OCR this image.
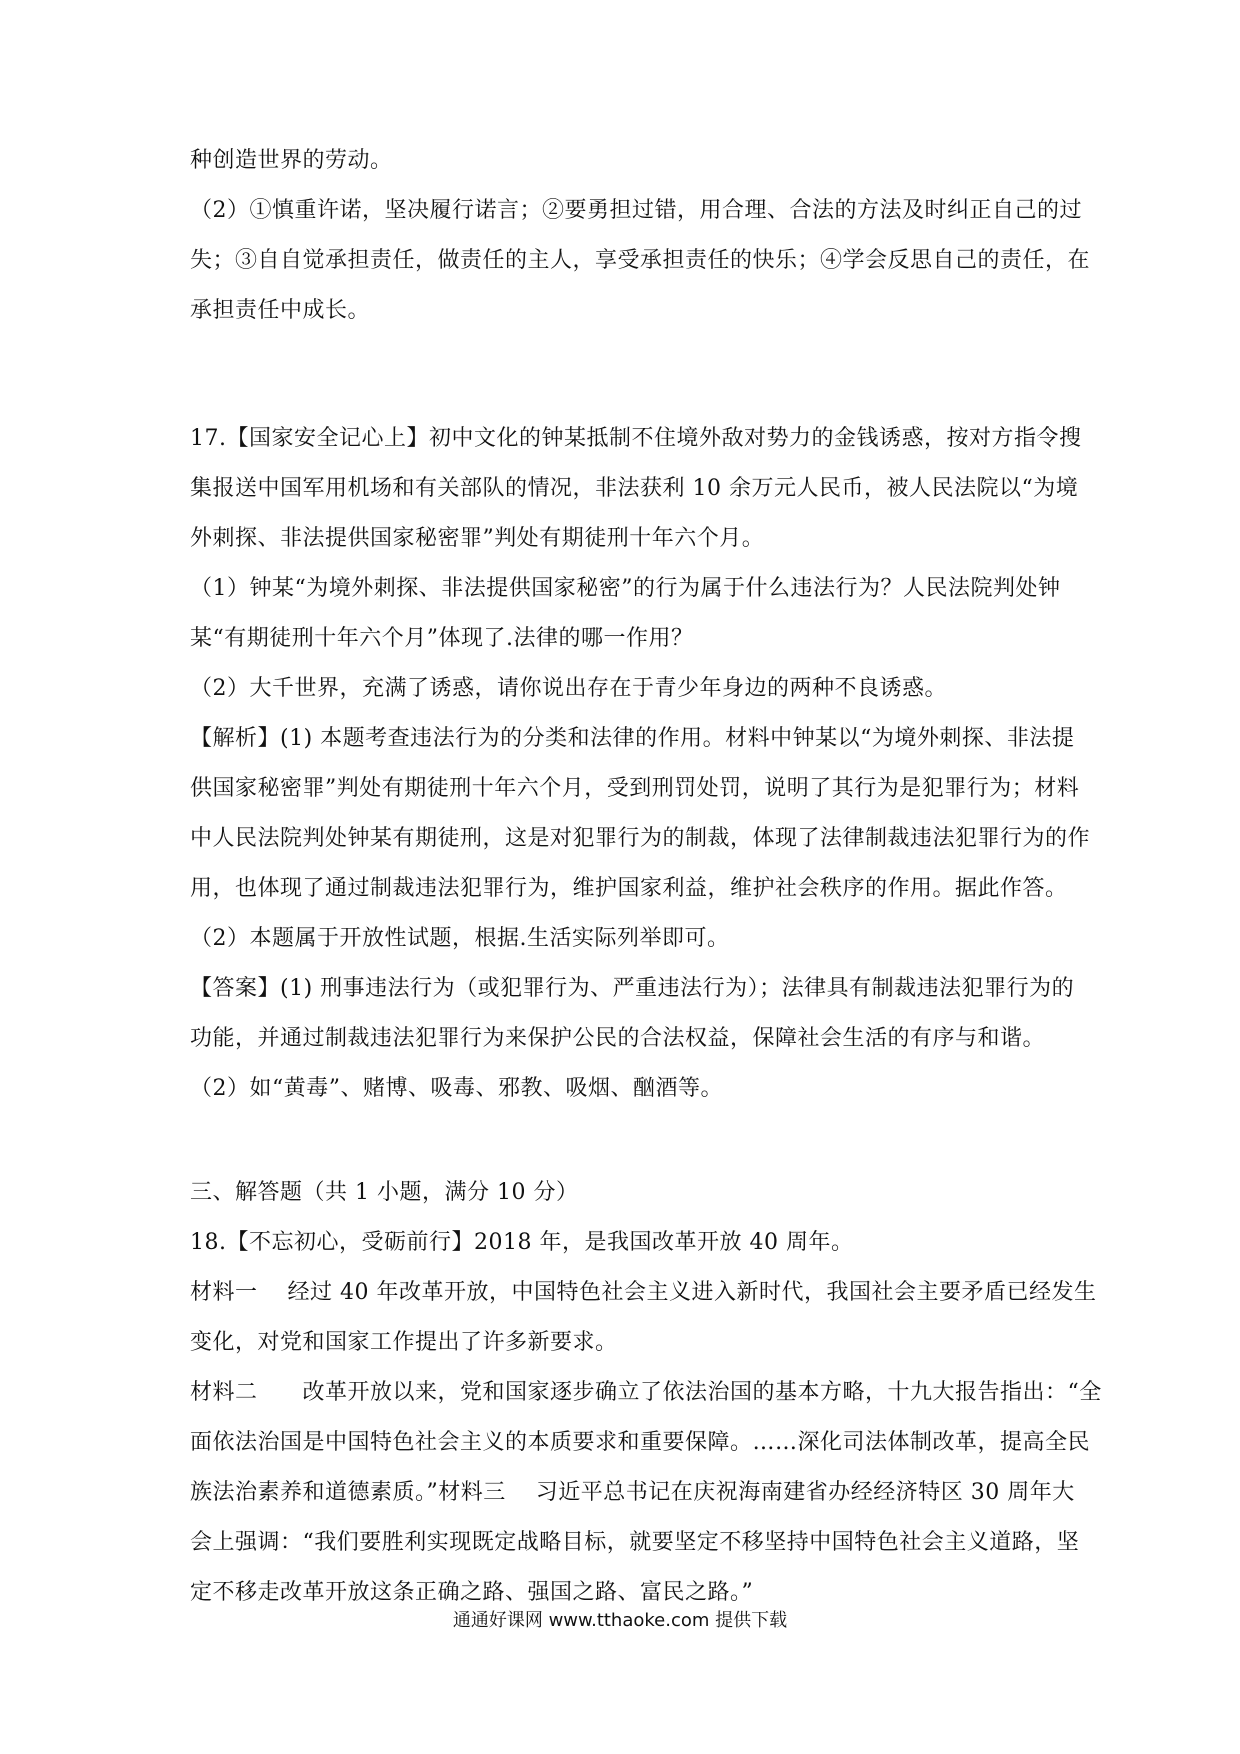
种创造世界的劳动。
（2）①慎重许诺，坚决履行诺言；②要勇担过错，用合理、合法的方法及时纠正自己的过
失；③自自觉承担责任，做责任的主人，享受承担责任的快乐；④学会反思自己的责任，在
承担责任中成长。
17.【国家安全记心上】初中文化的钟某抵制不住境外敌对势力的金钱诱惑，按对方指令搜
集报送中国军用机场和有关部队的情况，非法获利 10 余万元人民币，被人民法院以“为境
外刺探、非法提供国家秘密罪”判处有期徒刑十年六个月。
（1）钟某“为境外刺探、非法提供国家秘密”的行为属于什么违法行为？人民法院判处钟
某“有期徒刑十年六个月”体现了.法律的哪一作用？
（2）大千世界，充满了诱惑，请你说出存在于青少年身边的两种不良诱惑。
【解析】(1) 本题考查违法行为的分类和法律的作用。材料中钟某以“为境外刺探、非法提
供国家秘密罪”判处有期徒刑十年六个月，受到刑罚处罚，说明了其行为是犯罪行为；材料
中人民法院判处钟某有期徒刑，这是对犯罪行为的制裁，体现了法律制裁违法犯罪行为的作
用，也体现了通过制裁违法犯罪行为，维护国家利益，维护社会秩序的作用。据此作答。
（2）本题属于开放性试题，根据.生活实际列举即可。
【答案】(1) 刑事违法行为（或犯罪行为、严重违法行为）；法律具有制裁违法犯罪行为的
功能，并通过制裁违法犯罪行为来保护公民的合法权益，保障社会生活的有序与和谐。
（2）如“黄毒”、赌博、吸毒、邪教、吸烟、酗酒等。
三、解答题（共 1 小题，满分 10 分）
18.【不忘初心，受砺前行】2018 年，是我国改革开放 40 周年。
材料一　 经过 40 年改革开放，中国特色社会主义进入新时代，我国社会主要矛盾已经发生
变化，对党和国家工作提出了许多新要求。
材料二　　改革开放以来，党和国家逐步确立了依法治国的基本方略，十九大报告指出：“全
面依法治国是中国特色社会主义的本质要求和重要保障。……深化司法体制改革，提高全民
族法治素养和道德素质。”材料三　 习近平总书记在庆祝海南建省办经经济特区 30 周年大
会上强调：“我们要胜利实现既定战略目标，就要坚定不移坚持中国特色社会主义道路，坚
定不移走改革开放这条正确之路、强国之路、富民之路。”
通通好课网 www.tthaoke.com 提供下载
